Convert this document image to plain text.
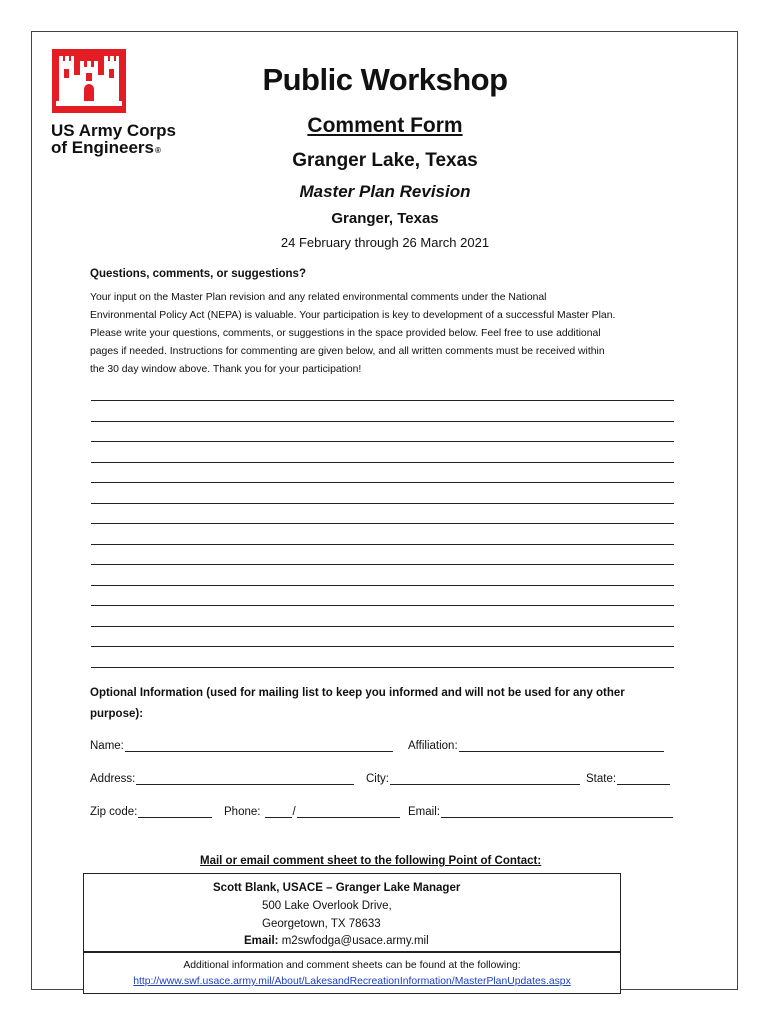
US Army Corps
of Engineers®
Public Workshop
Comment Form
Granger Lake, Texas
Master Plan Revision
Granger, Texas
24 February through 26 March 2021
Questions, comments, or suggestions?
Your input on the Master Plan revision and any related environmental comments under the National
Environmental Policy Act (NEPA) is valuable. Your participation is key to development of a successful Master Plan.
Please write your questions, comments, or suggestions in the space provided below. Feel free to use additional
pages if needed. Instructions for commenting are given below, and all written comments must be received within
the 30 day window above. Thank you for your participation!
Optional Information (used for mailing list to keep you informed and will not be used for any other purpose):
Name:	Affiliation:
Address:	City:	State:
Zip code:	Phone:	/	Email:
Mail or email comment sheet to the following Point of Contact:
Scott Blank, USACE – Granger Lake Manager
500 Lake Overlook Drive,
Georgetown, TX 78633
Email: m2swfodga@usace.army.mil
Additional information and comment sheets can be found at the following:
http://www.swf.usace.army.mil/About/LakesandRecreationInformation/MasterPlanUpdates.aspx
